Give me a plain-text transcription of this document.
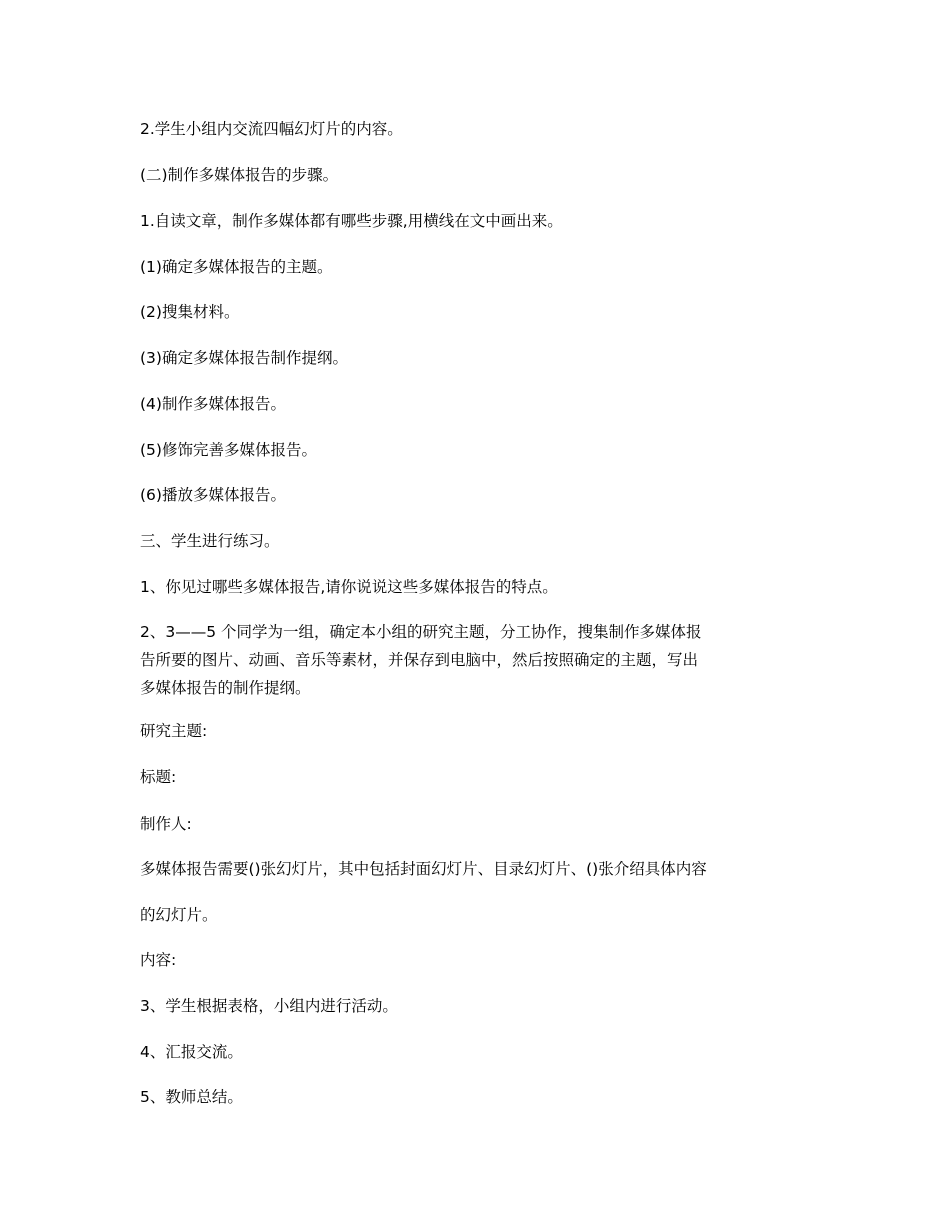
2.学生小组内交流四幅幻灯片的内容。
(二)制作多媒体报告的步骤。
1.自读文章，制作多媒体都有哪些步骤,用横线在文中画出来。
(1)确定多媒体报告的主题。
(2)搜集材料。
(3)确定多媒体报告制作提纲。
(4)制作多媒体报告。
(5)修饰完善多媒体报告。
(6)播放多媒体报告。
三、学生进行练习。
1、你见过哪些多媒体报告,请你说说这些多媒体报告的特点。
2、3——5 个同学为一组，确定本小组的研究主题，分工协作，搜集制作多媒体报
告所要的图片、动画、音乐等素材，并保存到电脑中，然后按照确定的主题，写出
多媒体报告的制作提纲。
研究主题:
标题:
制作人:
多媒体报告需要()张幻灯片，其中包括封面幻灯片、目录幻灯片、()张介绍具体内容
的幻灯片。
内容:
3、学生根据表格，小组内进行活动。
4、汇报交流。
5、教师总结。
